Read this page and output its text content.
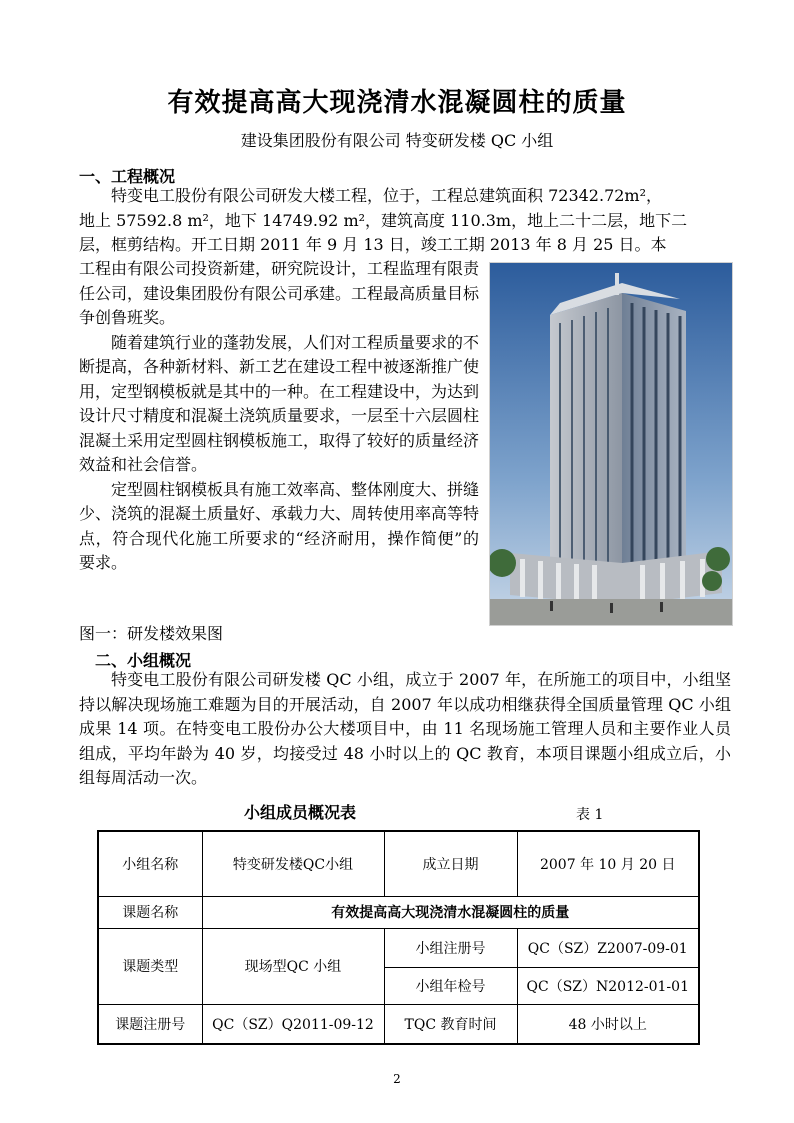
有效提高高大现浇清水混凝圆柱的质量
建设集团股份有限公司 特变研发楼 QC 小组
一、工程概况
特变电工股份有限公司研发大楼工程，位于，工程总建筑面积 72342.72m²，
地上 57592.8 m²，地下 14749.92 m²，建筑高度 110.3m，地上二十二层，地下二
层，框剪结构。开工日期 2011 年 9 月 13 日，竣工工期 2013 年 8 月 25 日。本
工程由有限公司投资新建，研究院设计，工程监理有限责任公司，建设集团股份有限公司承建。工程最高质量目标争创鲁班奖。

随着建筑行业的蓬勃发展，人们对工程质量要求的不断提高，各种新材料、新工艺在建设工程中被逐渐推广使用，定型钢模板就是其中的一种。在工程建设中，为达到设计尺寸精度和混凝土浇筑质量要求，一层至十六层圆柱混凝土采用定型圆柱钢模板施工，取得了较好的质量经济效益和社会信誉。

定型圆柱钢模板具有施工效率高、整体刚度大、拼缝少、浇筑的混凝土质量好、承载力大、周转使用率高等特点，符合现代化施工所要求的“经济耐用，操作简便”的要求。

图一：研发楼效果图
二、小组概况

特变电工股份有限公司研发楼 QC 小组，成立于 2007 年，在所施工的项目中，小组坚持以解决现场施工难题为目的开展活动，自 2007 年以成功相继获得全国质量管理 QC 小组成果 14 项。在特变电工股份办公大楼项目中，由 11 名现场施工管理人员和主要作业人员组成，平均年龄为 40 岁，均接受过 48 小时以上的 QC 教育，本项目课题小组成立后，小组每周活动一次。

小组成员概况表	表 1
小组名称	特变研发楼QC小组	成立日期	2007 年 10 月 20 日
课题名称	有效提高高大现浇清水混凝圆柱的质量		
课题类型	现场型QC 小组	小组注册号	QC（SZ）Z2007-09-01
		小组年检号	QC（SZ）N2012-01-01
课题注册号	QC（SZ）Q2011-09-12	TQC 教育时间	48 小时以上
2
